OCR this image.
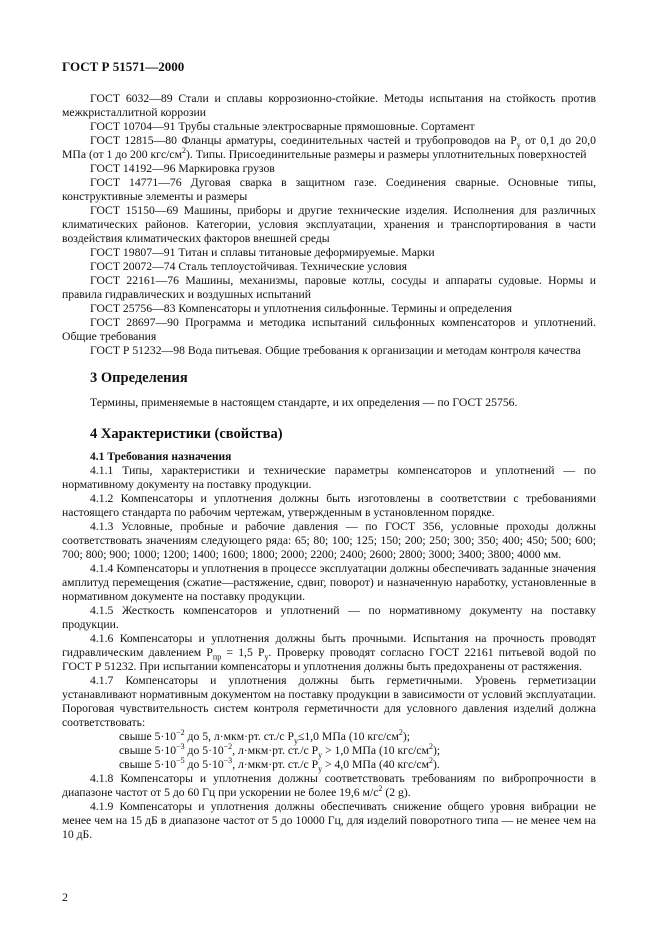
ГОСТ Р 51571—2000

ГОСТ 6032—89 Стали и сплавы коррозионно-стойкие. Методы испытания на стойкость против межкристаллитной коррозии

ГОСТ 10704—91 Трубы стальные электросварные прямошовные. Сортамент

ГОСТ 12815—80 Фланцы арматуры, соединительных частей и трубопроводов на $P_у$ от 0,1 до 20,0 МПа (от 1 до 200 кгс/$см^2$). Типы. Присоединительные размеры и размеры уплотнительных поверхностей

ГОСТ 14192—96 Маркировка грузов

ГОСТ 14771—76 Дуговая сварка в защитном газе. Соединения сварные. Основные типы, конструктивные элементы и размеры

ГОСТ 15150—69 Машины, приборы и другие технические изделия. Исполнения для различных климатических районов. Категории, условия эксплуатации, хранения и транспортирования в части воздействия климатических факторов внешней среды

ГОСТ 19807—91 Титан и сплавы титановые деформируемые. Марки

ГОСТ 20072—74 Сталь теплоустойчивая. Технические условия

ГОСТ 22161—76 Машины, механизмы, паровые котлы, сосуды и аппараты судовые. Нормы и правила гидравлических и воздушных испытаний

ГОСТ 25756—83 Компенсаторы и уплотнения сильфонные. Термины и определения

ГОСТ 28697—90 Программа и методика испытаний сильфонных компенсаторов и уплотнений. Общие требования

ГОСТ Р 51232—98 Вода питьевая. Общие требования к организации и методам контроля качества

3 Определения

Термины, применяемые в настоящем стандарте, и их определения — по ГОСТ 25756.

4 Характеристики (свойства)

4.1 Требования назначения

4.1.1 Типы, характеристики и технические параметры компенсаторов и уплотнений — по нормативному документу на поставку продукции.

4.1.2 Компенсаторы и уплотнения должны быть изготовлены в соответствии с требованиями настоящего стандарта по рабочим чертежам, утвержденным в установленном порядке.

4.1.3 Условные, пробные и рабочие давления — по ГОСТ 356, условные проходы должны соответствовать значениям следующего ряда: 65; 80; 100; 125; 150; 200; 250; 300; 350; 400; 450; 500; 600; 700; 800; 900; 1000; 1200; 1400; 1600; 1800; 2000; 2200; 2400; 2600; 2800; 3000; 3400; 3800; 4000 мм.

4.1.4 Компенсаторы и уплотнения в процессе эксплуатации должны обеспечивать заданные значения амплитуд перемещения (сжатие—растяжение, сдвиг, поворот) и назначенную наработку, установленные в нормативном документе на поставку продукции.

4.1.5 Жесткость компенсаторов и уплотнений — по нормативному документу на поставку продукции.

4.1.6 Компенсаторы и уплотнения должны быть прочными. Испытания на прочность проводят гидравлическим давлением $P_{пр} = 1,5$ $P_у$. Проверку проводят согласно ГОСТ 22161 питьевой водой по ГОСТ Р 51232. При испытании компенсаторы и уплотнения должны быть предохранены от растяжения.

4.1.7 Компенсаторы и уплотнения должны быть герметичными. Уровень герметизации устанавливают нормативным документом на поставку продукции в зависимости от условий эксплуатации. Пороговая чувствительность систем контроля герметичности для условного давления изделий должна соответствовать:

свыше $5\cdot 10^{-2}$ до 5, л·мкм·рт. ст./с $P_у\le 1,0$ МПа (10 кгс/$см^2$);

свыше $5\cdot 10^{-3}$ до $5\cdot 10^{-2}$, л·мкм·рт. ст./с $P_у > 1,0$ МПа (10 кгс/$см^2$);

свыше $5\cdot 10^{-5}$ до $5\cdot 10^{-3}$, л·мкм·рт. ст./с $P_у > 4,0$ МПа (40 кгс/$см^2$).

4.1.8 Компенсаторы и уплотнения должны соответствовать требованиям по вибропрочности в диапазоне частот от 5 до 60 Гц при ускорении не более 19,6 $м/с^2$ (2 g).

4.1.9 Компенсаторы и уплотнения должны обеспечивать снижение общего уровня вибрации не менее чем на 15 дБ в диапазоне частот от 5 до 10000 Гц, для изделий поворотного типа — не менее чем на 10 дБ.

2
